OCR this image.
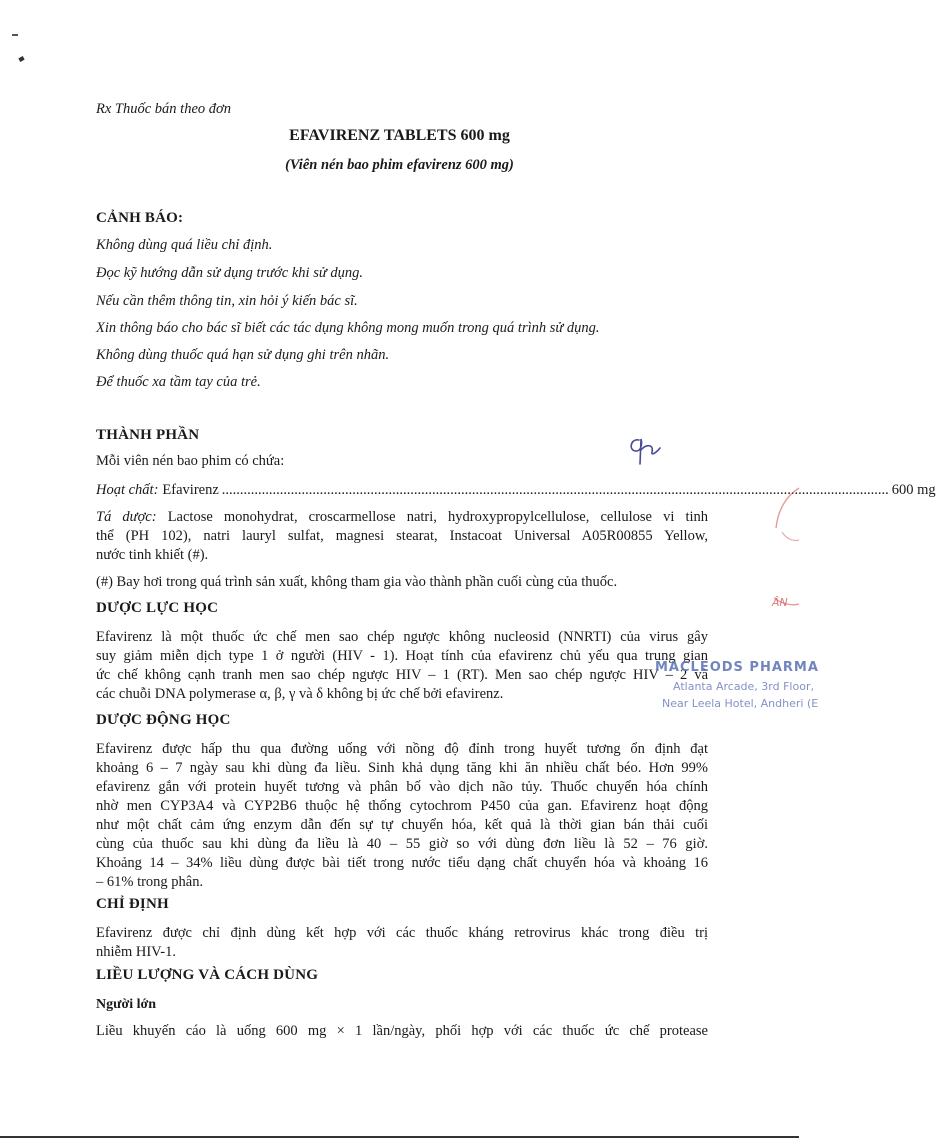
Rx Thuốc bán theo đơn
EFAVIRENZ TABLETS 600 mg
(Viên nén bao phim efavirenz 600 mg)
CẢNH BÁO:
Không dùng quá liều chỉ định.
Đọc kỹ hướng dẫn sử dụng trước khi sử dụng.
Nếu cần thêm thông tin, xin hỏi ý kiến bác sĩ.
Xin thông báo cho bác sĩ biết các tác dụng không mong muốn trong quá trình sử dụng.
Không dùng thuốc quá hạn sử dụng ghi trên nhãn.
Để thuốc xa tầm tay của trẻ.
THÀNH PHẦN
Mỗi viên nén bao phim có chứa:
Hoạt chất: Efavirenz ........................................................................................................................................................................................ 600 mg
Tá dược: Lactose monohydrat, croscarmellose natri, hydroxypropylcellulose, cellulose vi tinh
thể (PH 102), natri lauryl sulfat, magnesi stearat, Instacoat Universal A05R00855 Yellow,
nước tinh khiết (#).
(#) Bay hơi trong quá trình sản xuất, không tham gia vào thành phần cuối cùng của thuốc.
DƯỢC LỰC HỌC
Efavirenz là một thuốc ức chế men sao chép ngược không nucleosid (NNRTI) của virus gây
suy giảm miễn dịch type 1 ở người (HIV - 1). Hoạt tính của efavirenz chủ yếu qua trung gian
ức chế không cạnh tranh men sao chép ngược HIV – 1 (RT). Men sao chép ngược HIV – 2 và
các chuỗi DNA polymerase α, β, γ và δ không bị ức chế bởi efavirenz.
DƯỢC ĐỘNG HỌC
Efavirenz được hấp thu qua đường uống với nồng độ đỉnh trong huyết tương ổn định đạt
khoảng 6 – 7 ngày sau khi dùng đa liều. Sinh khả dụng tăng khi ăn nhiều chất béo. Hơn 99%
efavirenz gắn với protein huyết tương và phân bố vào dịch não tủy. Thuốc chuyển hóa chính
nhờ men CYP3A4 và CYP2B6 thuộc hệ thống cytochrom P450 của gan. Efavirenz hoạt động
như một chất cảm ứng enzym dẫn đến sự tự chuyển hóa, kết quả là thời gian bán thải cuối
cùng của thuốc sau khi dùng đa liều là 40 – 55 giờ so với dùng đơn liều là 52 – 76 giờ.
Khoảng 14 – 34% liều dùng được bài tiết trong nước tiểu dạng chất chuyển hóa và khoảng 16
– 61% trong phân.
CHỈ ĐỊNH
Efavirenz được chỉ định dùng kết hợp với các thuốc kháng retrovirus khác trong điều trị
nhiễm HIV-1.
LIỀU LƯỢNG VÀ CÁCH DÙNG
Người lớn
Liều khuyến cáo là uống 600 mg × 1 lần/ngày, phối hợp với các thuốc ức chế protease
MACLEODS PHARMA
Atlanta Arcade, 3rd Floor,
Near Leela Hotel, Andheri (E
ÂN
